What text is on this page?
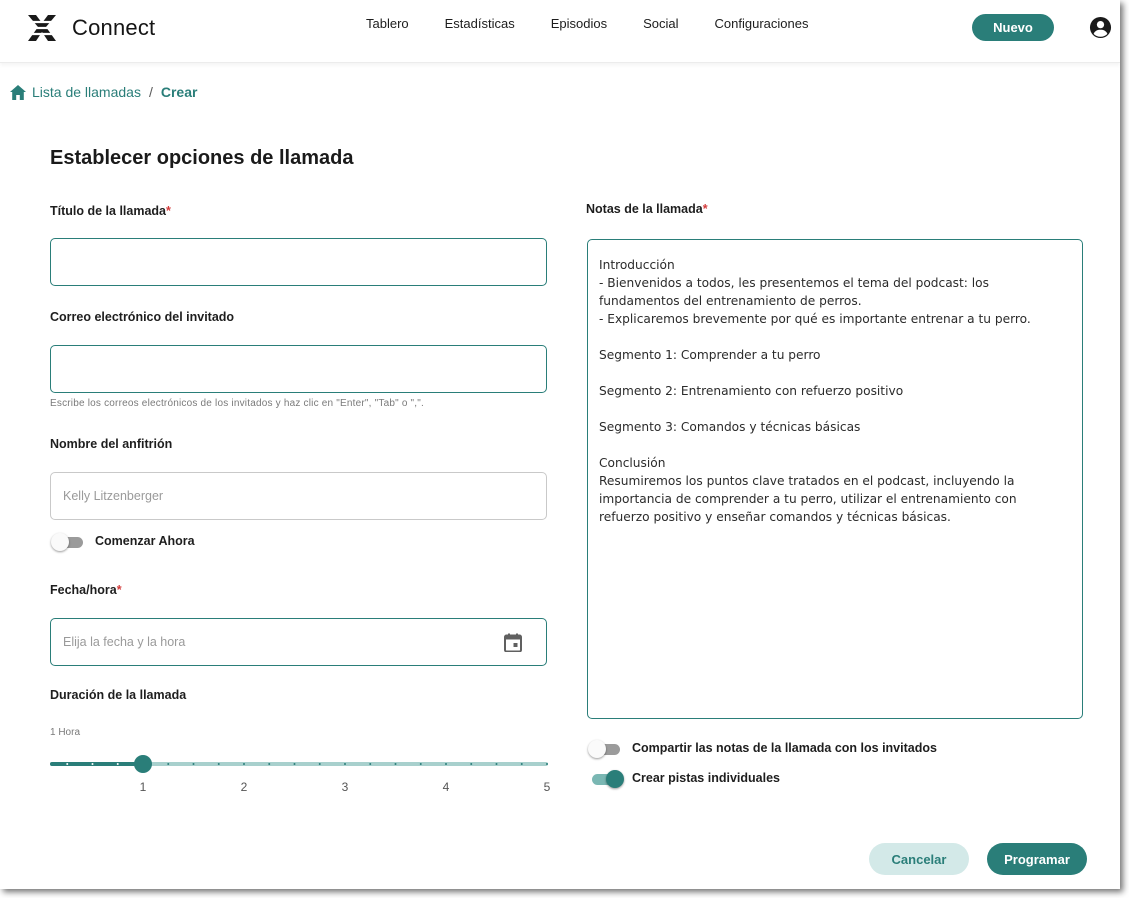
Connect	Tablero	Estadísticas	Episodios	Social	Configuraciones	Nuevo
Lista de llamadas / Crear
Establecer opciones de llamada
Título de la llamada*
Correo electrónico del invitado
Escribe los correos electrónicos de los invitados y haz clic en "Enter", "Tab" o ",".
Nombre del anfitrión
Kelly Litzenberger
Comenzar Ahora
Fecha/hora*
Elija la fecha y la hora
Duración de la llamada
1 Hora
1	2	3	4	5
Notas de la llamada*
Introducción
- Bienvenidos a todos, les presentemos el tema del podcast: los fundamentos del entrenamiento de perros.
- Explicaremos brevemente por qué es importante entrenar a tu perro.

Segmento 1: Comprender a tu perro

Segmento 2: Entrenamiento con refuerzo positivo

Segmento 3: Comandos y técnicas básicas

Conclusión
Resumiremos los puntos clave tratados en el podcast, incluyendo la importancia de comprender a tu perro, utilizar el entrenamiento con refuerzo positivo y enseñar comandos y técnicas básicas.
Compartir las notas de la llamada con los invitados
Crear pistas individuales
Cancelar	Programar
